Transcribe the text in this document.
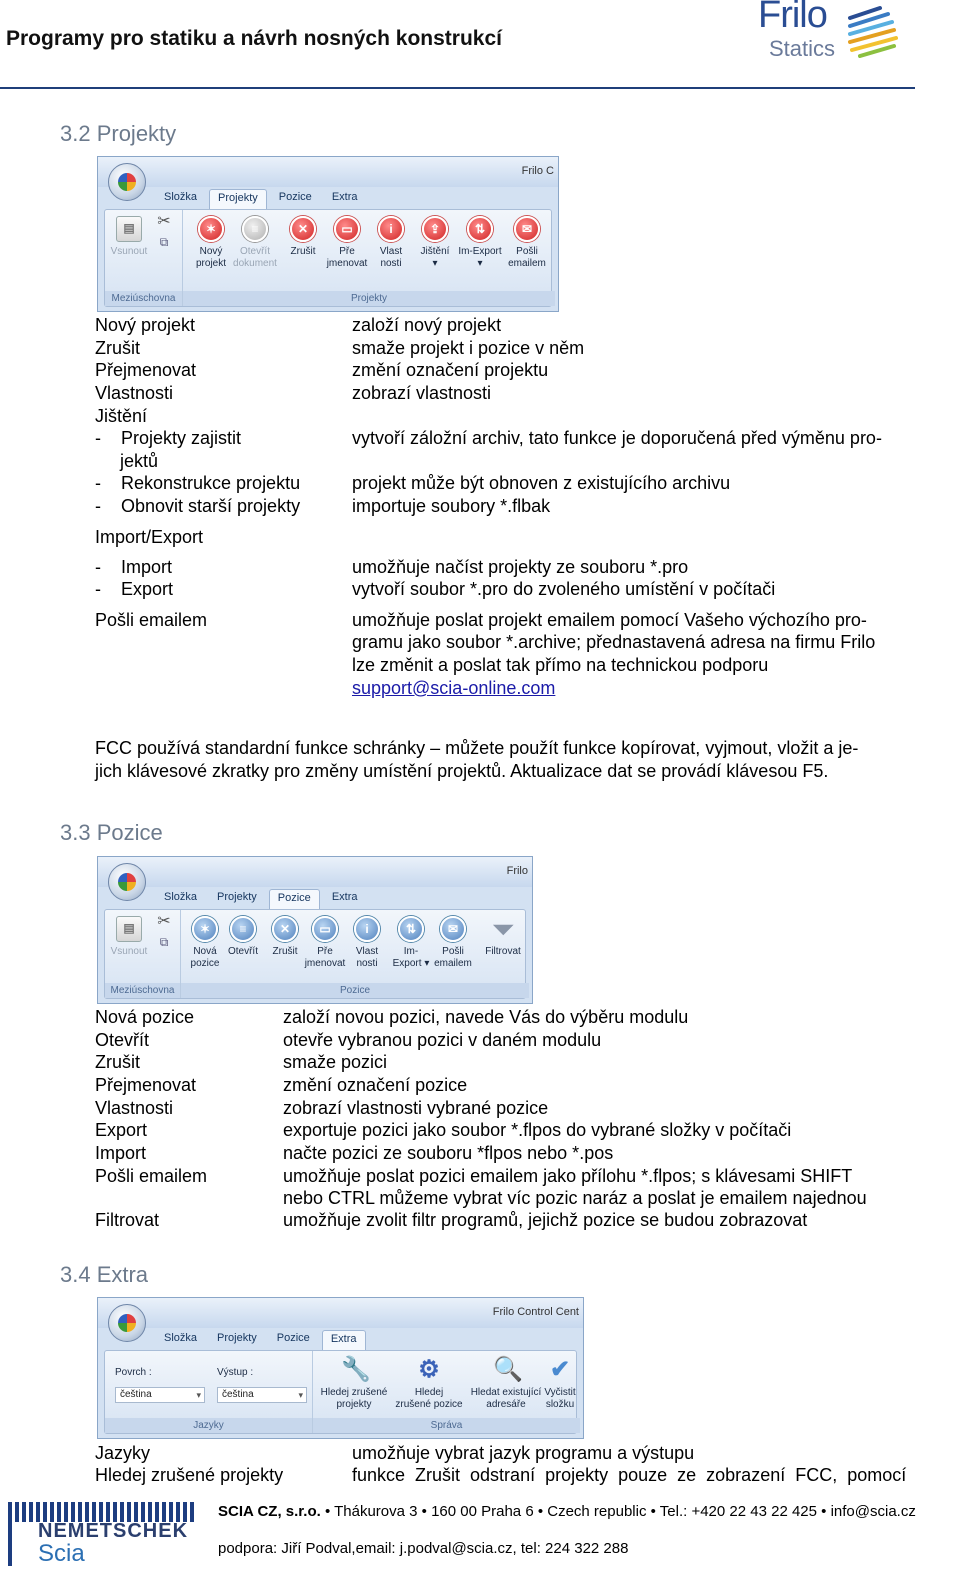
Programy pro statiku a návrh nosných konstrukcí
Frilo
Statics
3.2 Projekty
Frilo C
Složka	Projekty	Pozice	Extra
▤
Vsunout
✂
⧉
Meziúschovna
✶
Nový
projekt
≡
Otevřít
dokument
✕
Zrušit
▭
Pře
jmenovat
i
Vlast
nosti
⇪
Jištění
▾
⇅
Im-Export
▾
✉
Pošli
emailem
Projekty
Nový projekt	založí nový projekt
Zrušit	smaže projekt i pozice v něm
Přejmenovat	změní označení projektu
Vlastnosti	zobrazí vlastnosti
Jištění
-    Projekty zajistit	vytvoří záložní archiv, tato funkce je doporučená před výměnu pro-
jektů
-    Rekonstrukce projektu	projekt může být obnoven z existujícího archivu
-    Obnovit starší projekty	importuje soubory *.flbak
Import/Export
-    Import	umožňuje načíst projekty ze souboru *.pro
-    Export	vytvoří soubor *.pro do zvoleného umístění v počítači
Pošli emailem	umožňuje poslat projekt emailem pomocí Vašeho výchozího pro-
gramu jako soubor *.archive; přednastavená adresa na firmu Frilo
lze změnit a poslat tak přímo na technickou podporu
support@scia-online.com
FCC používá standardní funkce schránky – můžete použít funkce kopírovat, vyjmout, vložit a je-
jich klávesové zkratky pro změny umístění projektů. Aktualizace dat se provádí klávesou F5.
3.3 Pozice
Frilo
Složka	Projekty	Pozice	Extra
▤
Vsunout
✂
⧉
Meziúschovna
✶
Nová
pozice
≡
Otevřít
✕
Zrušit
▭
Pře
jmenovat
i
Vlast
nosti
⇅
Im-
Export ▾
✉
Pošli
emailem
⏷
Filtrovat
Pozice
Nová pozice	založí novou pozici, navede Vás do výběru modulu
Otevřít	otevře vybranou pozici v daném modulu
Zrušit	smaže pozici
Přejmenovat	změní označení pozice
Vlastnosti	zobrazí vlastnosti vybrané pozice
Export	exportuje pozici jako soubor *.flpos do vybrané složky v počítači
Import	načte pozici ze souboru *flpos nebo *.pos
Pošli emailem	umožňuje poslat pozici emailem jako přílohu *.flpos; s klávesami SHIFT
nebo CTRL můžeme vybrat víc pozic naráz a poslat je emailem najednou
Filtrovat	umožňuje zvolit filtr programů, jejichž pozice se budou zobrazovat
3.4 Extra
Frilo Control Cent
Složka	Projekty	Pozice	Extra
Povrch :	Výstup :
čeština ▾	čeština ▾
Jazyky
🔧
Hledej zrušené
projekty
⚙
Hledej
zrušené pozice
🔍
Hledat existující
adresáře
✔
Vyčistit
složku
Správa
Jazyky	umožňuje vybrat jazyk programu a výstupu
Hledej zrušené projekty	funkce  Zrušit  odstraní  projekty  pouze  ze  zobrazení  FCC,  pomocí
NEMETSCHEK
Scia
SCIA CZ, s.r.o. • Thákurova 3 • 160 00 Praha 6 • Czech republic • Tel.: +420 22 43 22 425 • info@scia.cz
podpora: Jiří Podval,email: j.podval@scia.cz, tel: 224 322 288
